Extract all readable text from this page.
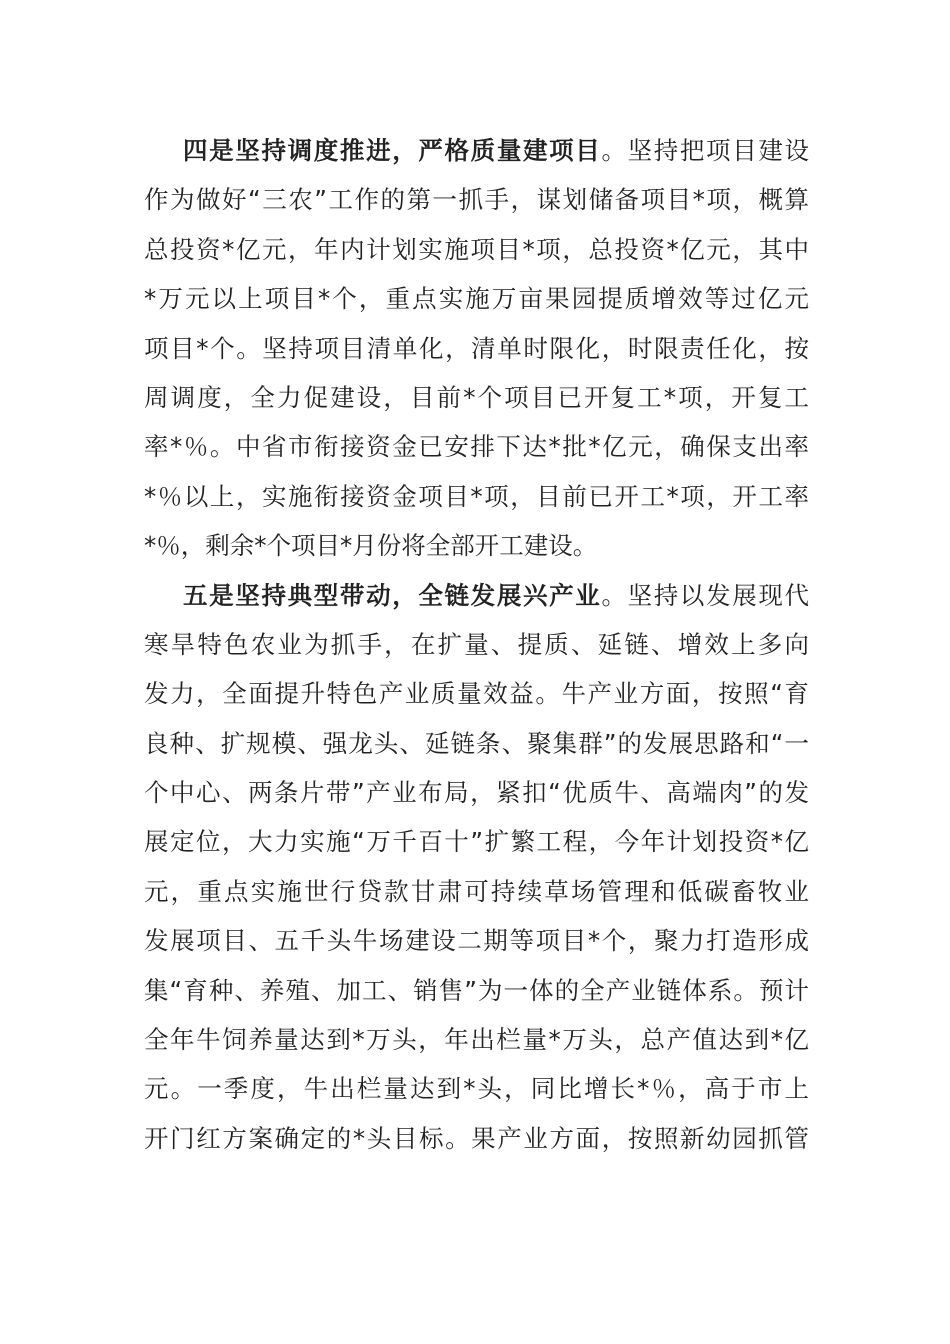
四是坚持调度推进，严格质量建项目。坚持把项目建设
作为做好“三农”工作的第一抓手，谋划储备项目*项，概算
总投资*亿元，年内计划实施项目*项，总投资*亿元，其中
*万元以上项目*个，重点实施万亩果园提质增效等过亿元
项目*个。坚持项目清单化，清单时限化，时限责任化，按
周调度，全力促建设，目前*个项目已开复工*项，开复工
率*％。中省市衔接资金已安排下达*批*亿元，确保支出率
*％以上，实施衔接资金项目*项，目前已开工*项，开工率
*％，剩余*个项目*月份将全部开工建设。
五是坚持典型带动，全链发展兴产业。坚持以发展现代
寒旱特色农业为抓手，在扩量、提质、延链、增效上多向
发力，全面提升特色产业质量效益。牛产业方面，按照“育
良种、扩规模、强龙头、延链条、聚集群”的发展思路和“一
个中心、两条片带”产业布局，紧扣“优质牛、高端肉”的发
展定位，大力实施“万千百十”扩繁工程，今年计划投资*亿
元，重点实施世行贷款甘肃可持续草场管理和低碳畜牧业
发展项目、五千头牛场建设二期等项目*个，聚力打造形成
集“育种、养殖、加工、销售”为一体的全产业链体系。预计
全年牛饲养量达到*万头，年出栏量*万头，总产值达到*亿
元。一季度，牛出栏量达到*头，同比增长*％，高于市上
开门红方案确定的*头目标。果产业方面，按照新幼园抓管
